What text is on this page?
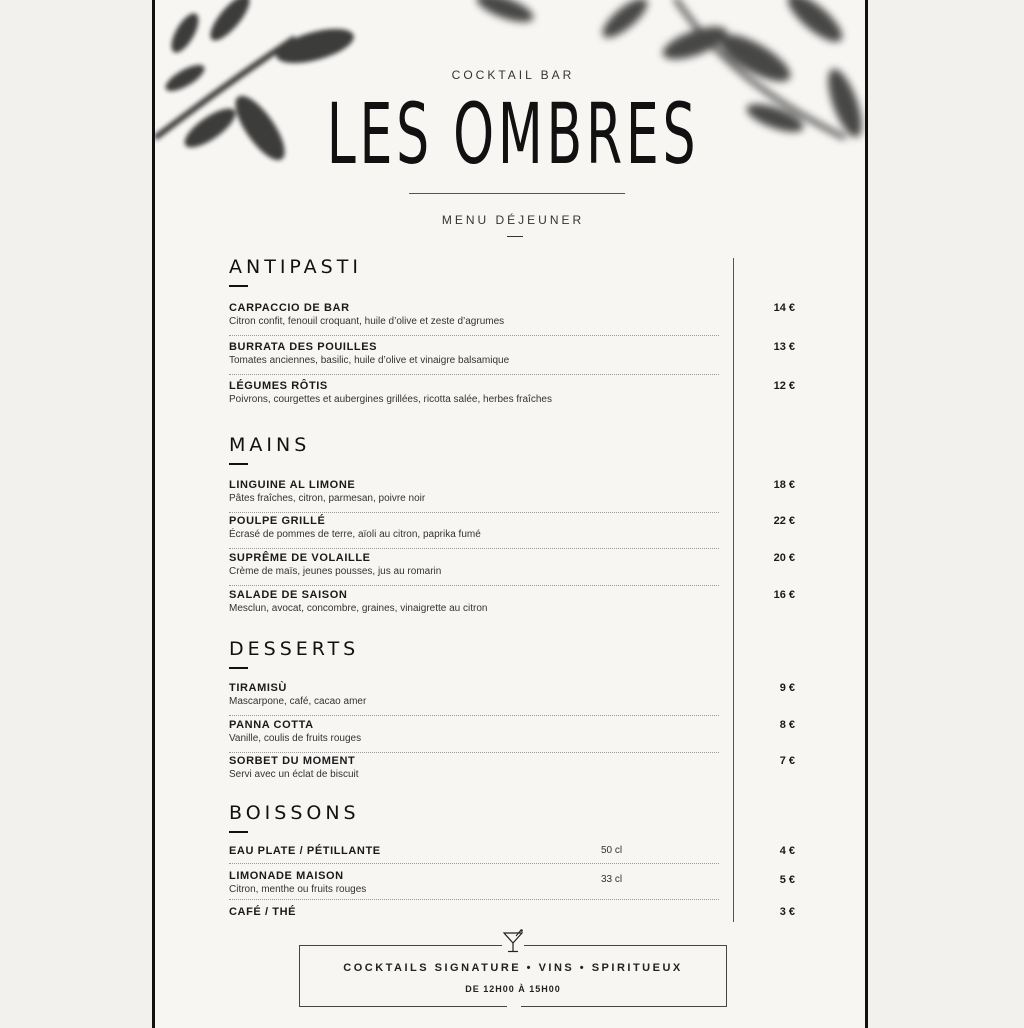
COCKTAIL BAR
LES OMBRES
MENU DÉJEUNER
ANTIPASTI
CARPACCIO DE BAR
Citron confit, fenouil croquant, huile d’olive et zeste d’agrumes
14 €
BURRATA DES POUILLES
Tomates anciennes, basilic, huile d’olive et vinaigre balsamique
13 €
LÉGUMES RÔTIS
Poivrons, courgettes et aubergines grillées, ricotta salée, herbes fraîches
12 €
MAINS
LINGUINE AL LIMONE
Pâtes fraîches, citron, parmesan, poivre noir
18 €
POULPE GRILLÉ
Écrasé de pommes de terre, aïoli au citron, paprika fumé
22 €
SUPRÊME DE VOLAILLE
Crème de maïs, jeunes pousses, jus au romarin
20 €
SALADE DE SAISON
Mesclun, avocat, concombre, graines, vinaigrette au citron
16 €
DESSERTS
TIRAMISÙ
Mascarpone, café, cacao amer
9 €
PANNA COTTA
Vanille, coulis de fruits rouges
8 €
SORBET DU MOMENT
Servi avec un éclat de biscuit
7 €
BOISSONS
EAU PLATE / PÉTILLANTE	50 cl	4 €
LIMONADE MAISON
Citron, menthe ou fruits rouges
33 cl	5 €
CAFÉ / THÉ	3 €
COCKTAILS SIGNATURE • VINS • SPIRITUEUX
DE 12H00 À 15H00
